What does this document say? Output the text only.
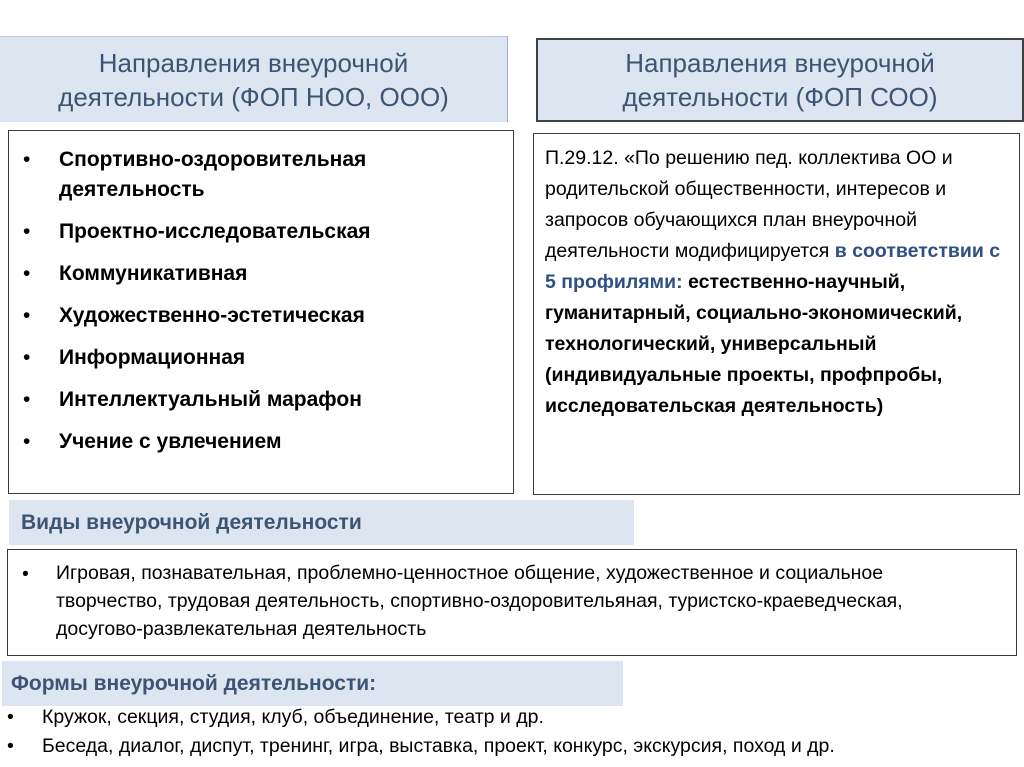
Направления внеурочной
деятельности (ФОП НОО, ООО)
Направления внеурочной
деятельности (ФОП СОО)
• Спортивно-оздоровительная деятельность
• Проектно-исследовательская
• Коммуникативная
• Художественно-эстетическая
• Информационная
• Интеллектуальный марафон
• Учение с увлечением
П.29.12. «По решению пед. коллектива ОО и родительской общественности, интересов и запросов обучающихся план внеурочной деятельности модифицируется в соответствии с 5 профилями: естественно-научный, гуманитарный, социально-экономический, технологический, универсальный (индивидуальные проекты, профпробы, исследовательская деятельность)
Виды внеурочной деятельности
• Игровая, познавательная, проблемно-ценностное общение, художественное и социальное творчество, трудовая деятельность, спортивно-оздоровительяная, туристско-краеведческая, досугово-развлекательная деятельность
Формы внеурочной деятельности:
• Кружок, секция, студия, клуб, объединение, театр и др.
• Беседа, диалог, диспут, тренинг, игра, выставка, проект, конкурс, экскурсия, поход и др.
